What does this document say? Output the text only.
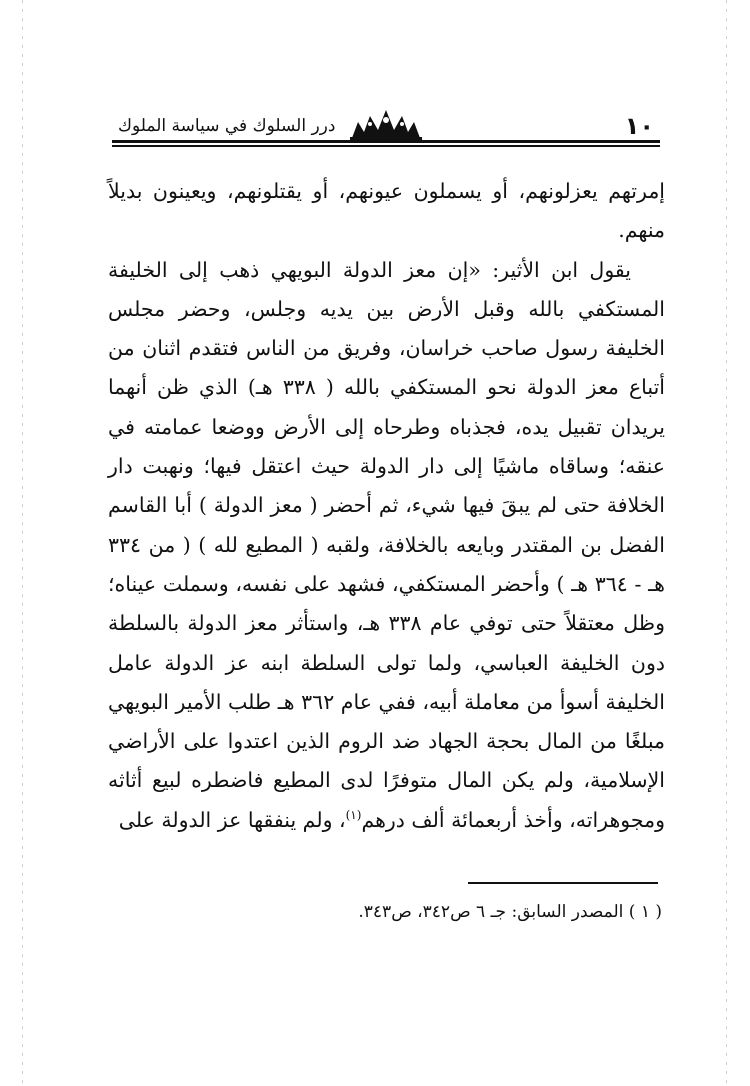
١٠
درر السلوك في سياسة الملوك

إمرتهم يعزلونهم، أو يسملون عيونهم، أو يقتلونهم، ويعينون بديلاً منهم.

يقول ابن الأثير: «إن معز الدولة البويهي ذهب إلى الخليفة المستكفي بالله وقبل الأرض بين يديه وجلس، وحضر مجلس الخليفة رسول صاحب خراسان، وفريق من الناس فتقدم اثنان من أتباع معز الدولة نحو المستكفي بالله ( ٣٣٨ هـ) الذي ظن أنهما يريدان تقبيل يده، فجذباه وطرحاه إلى الأرض ووضعا عمامته في عنقه؛ وساقاه ماشيًا إلى دار الدولة حيث اعتقل فيها؛ ونهبت دار الخلافة حتى لم يبقَ فيها شيء، ثم أحضر ( معز الدولة ) أبا القاسم الفضل بن المقتدر وبايعه بالخلافة، ولقبه ( المطيع لله ) ( من ٣٣٤ هـ - ٣٦٤ هـ ) وأحضر المستكفي، فشهد على نفسه، وسملت عيناه؛ وظل معتقلاً حتى توفي عام ٣٣٨ هـ، واستأثر معز الدولة بالسلطة دون الخليفة العباسي، ولما تولى السلطة ابنه عز الدولة عامل الخليفة أسوأ من معاملة أبيه، ففي عام ٣٦٢ هـ طلب الأمير البويهي مبلغًا من المال بحجة الجهاد ضد الروم الذين اعتدوا على الأراضي الإسلامية، ولم يكن المال متوفرًا لدى المطيع فاضطره لبيع أثاثه ومجوهراته، وأخذ أربعمائة ألف درهم$^{(١)}$، ولم ينفقها عز الدولة على

( ١ ) المصدر السابق: جـ ٦ ص٣٤٢، ص٣٤٣.
